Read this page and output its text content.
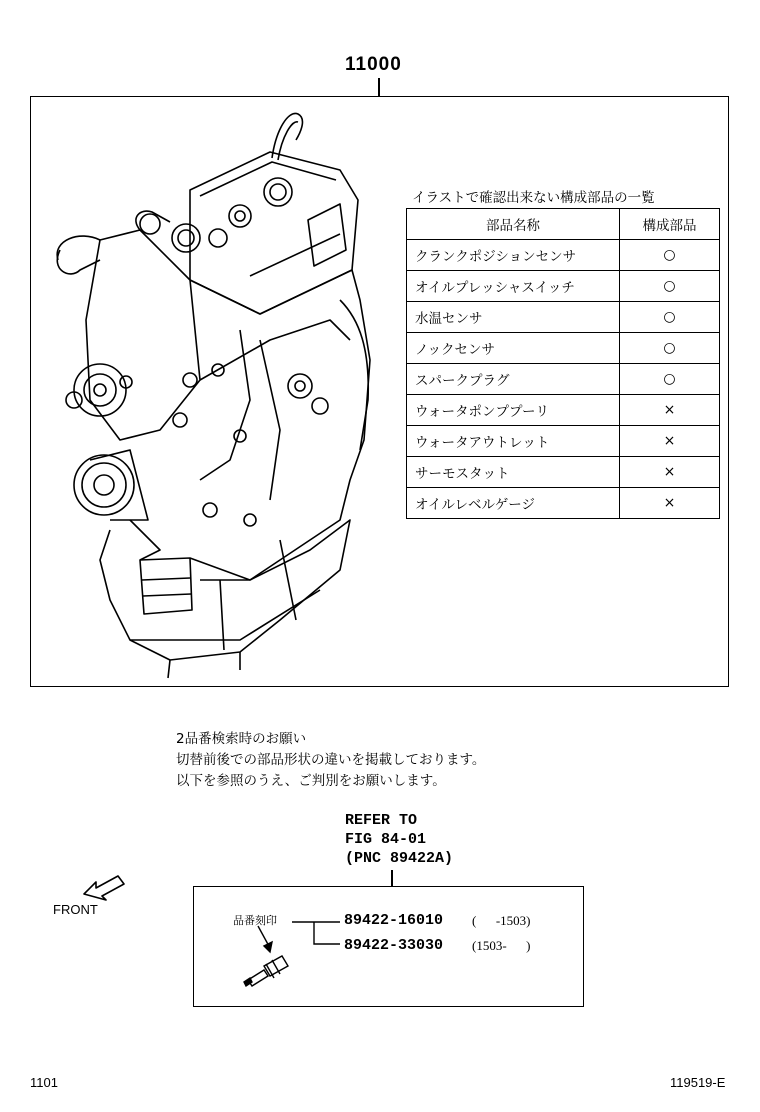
11000
イラストで確認出来ない構成部品の一覧
部品名称	構成部品
クランクポジションセンサ	○
オイルプレッシャスイッチ	○
水温センサ	○
ノックセンサ	○
スパークプラグ	○
ウォータポンププーリ	×
ウォータアウトレット	×
サーモスタット	×
オイルレベルゲージ	×
2品番検索時のお願い
切替前後での部品形状の違いを掲載しております。
以下を参照のうえ、ご判別をお願いします。
REFER TO
FIG 84-01
(PNC 89422A)
FRONT
品番刻印	89422-16010 (      -1503)
89422-33030 (1503-      )
1101	119519-E
